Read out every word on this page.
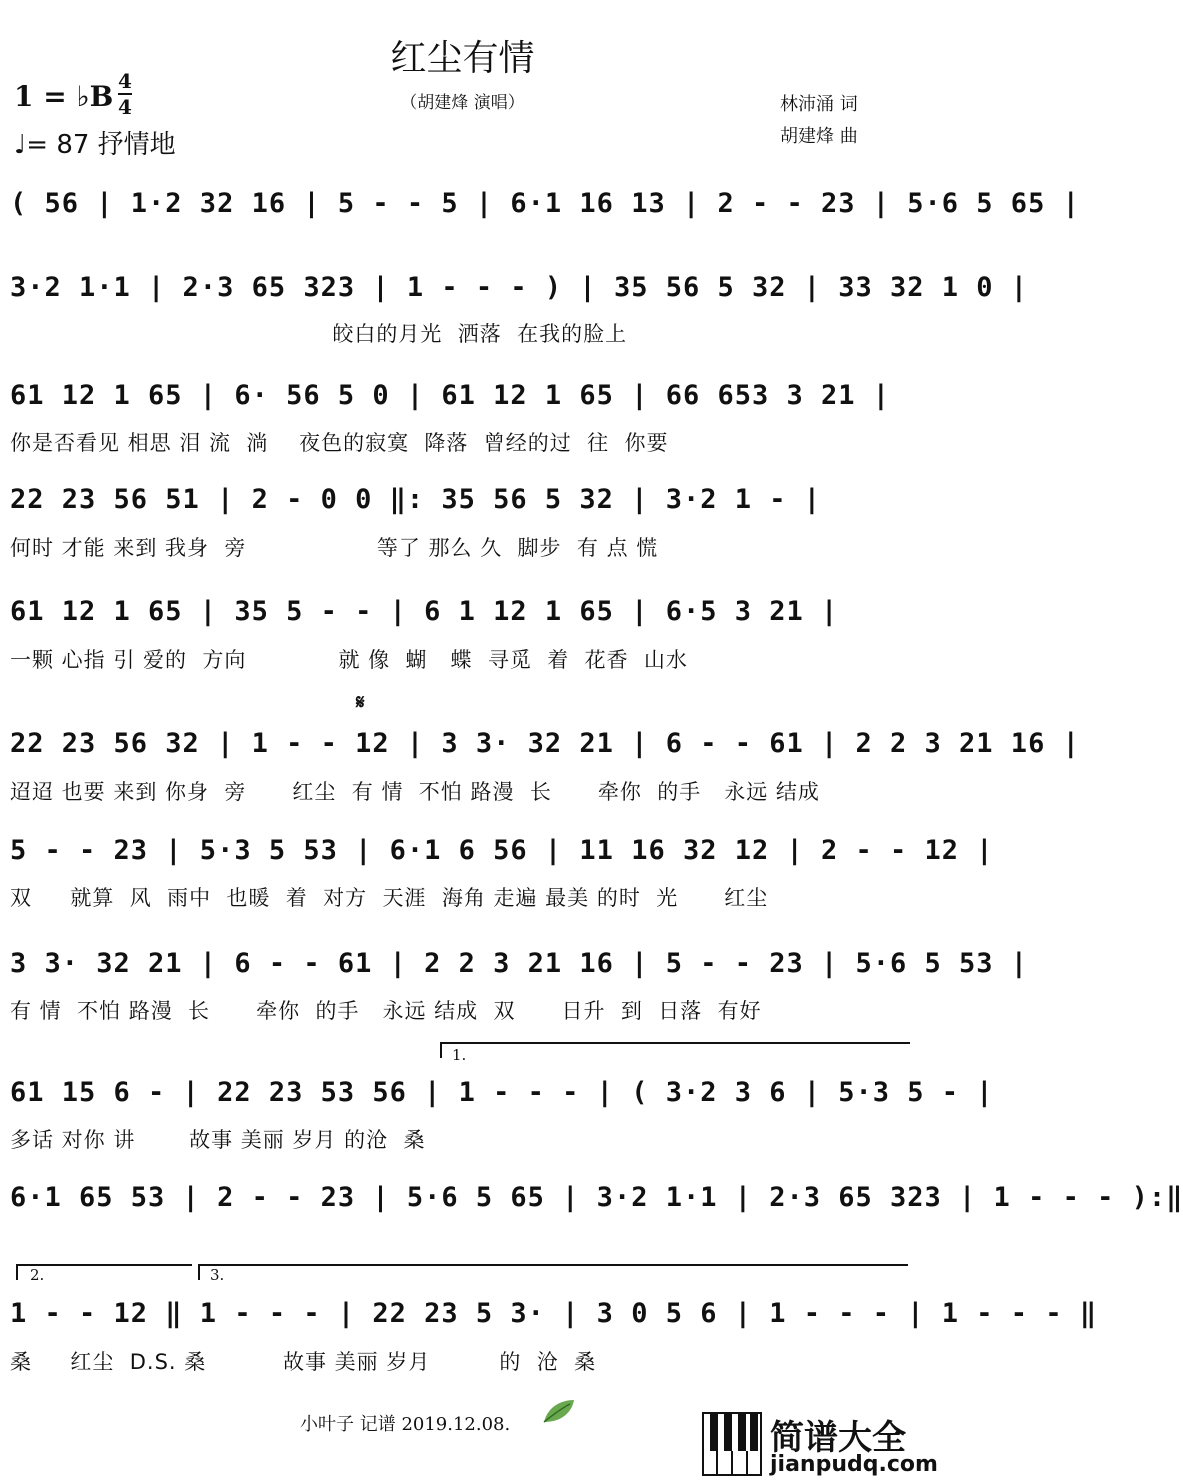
红尘有情
（胡建烽 演唱）
1 = ♭B 4
4
♩= 87 抒情地
林沛涌 词
胡建烽 曲
( 56 | 1·2 32 16 | 5 - - 5 | 6·1 16 13 | 2 - - 23 | 5·6 5 65 |
3·2 1·1 | 2·3 65 323 | 1 - - - ) | 35 56 5 32 | 33 32 1 0 |
皎白的月光  洒落  在我的脸上
61 12 1 65 | 6· 56 5 0 | 61 12 1 65 | 66 653 3 21 |
你是否看见 相思 泪 流  淌    夜色的寂寞  降落  曾经的过  往  你要
22 23 56 51 | 2 - 0 0 ‖: 35 56 5 32 | 3·2 1 - |
何时 才能 来到 我身  旁                 等了 那么 久  脚步  有 点 慌
61 12 1 65 | 35 5 - - | 6 1 12 1 65 | 6·5 3 21 |
一颗 心指 引 爱的  方向            就 像  蝴   蝶  寻觅  着  花香  山水
𝄋
22 23 56 32 | 1 - - 12 | 3 3· 32 21 | 6 - - 61 | 2 2 3 21 16 |
迢迢 也要 来到 你身  旁      红尘  有 情  不怕 路漫  长      牵你  的手   永远 结成
5 - - 23 | 5·3 5 53 | 6·1 6 56 | 11 16 32 12 | 2 - - 12 |
双     就算  风  雨中  也暖  着  对方  天涯  海角 走遍 最美 的时  光      红尘
3 3· 32 21 | 6 - - 61 | 2 2 3 21 16 | 5 - - 23 | 5·6 5 53 |
有 情  不怕 路漫  长      牵你  的手   永远 结成  双      日升  到  日落  有好
1.
61 15 6 - | 22 23 53 56 | 1 - - - | ( 3·2 3 6 | 5·3 5 - |
多话 对你 讲       故事 美丽 岁月 的沧  桑
6·1 65 53 | 2 - - 23 | 5·6 5 65 | 3·2 1·1 | 2·3 65 323 | 1 - - - ):‖
2.	3.
1 - - 12 ‖ 1 - - - | 22 23 5 3· | 3 0 5 6 | 1 - - - | 1 - - - ‖
桑     红尘  D.S. 桑          故事 美丽 岁月         的  沧  桑
小叶子 记谱 2019.12.08.	简谱大全
jianpudq.com
